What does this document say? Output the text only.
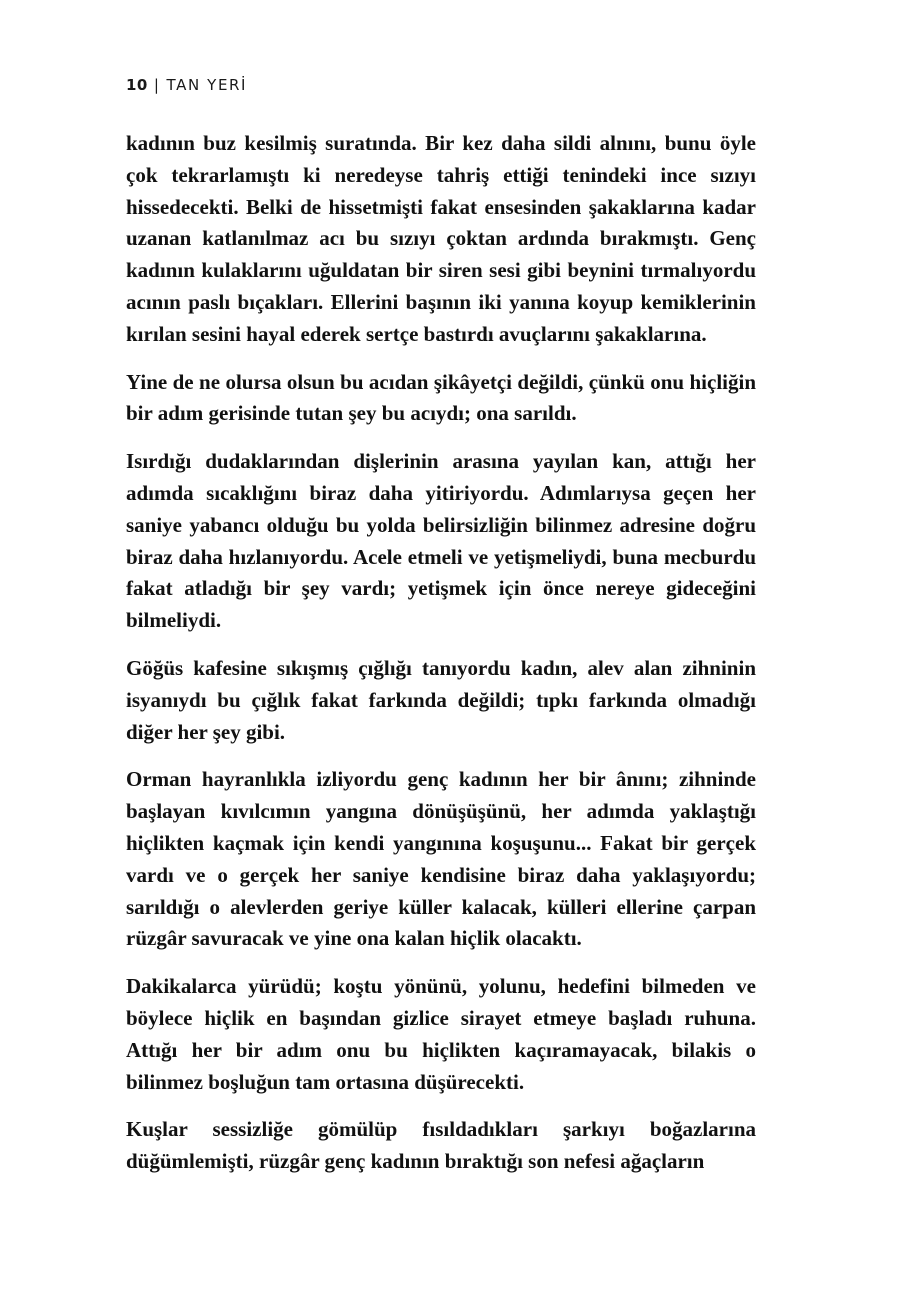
10 | TAN YERİ

kadının buz kesilmiş suratında. Bir kez daha sildi alnını, bunu öyle çok tekrarlamıştı ki neredeyse tahriş ettiği tenindeki ince sızıyı hissedecekti. Belki de hissetmişti fakat ensesinden şakaklarına kadar uzanan katlanılmaz acı bu sızıyı çoktan ardında bırakmıştı. Genç kadının kulaklarını uğuldatan bir siren sesi gibi beynini tırmalıyordu acının paslı bıçakları. Ellerini başının iki yanına koyup kemiklerinin kırılan sesini hayal ederek sertçe bastırdı avuçlarını şakaklarına.

Yine de ne olursa olsun bu acıdan şikâyetçi değildi, çünkü onu hiçliğin bir adım gerisinde tutan şey bu acıydı; ona sarıldı.

Isırdığı dudaklarından dişlerinin arasına yayılan kan, attığı her adımda sıcaklığını biraz daha yitiriyordu. Adımlarıysa geçen her saniye yabancı olduğu bu yolda belirsizliğin bilinmez adresine doğru biraz daha hızlanıyordu. Acele etmeli ve yetişmeliydi, buna mecburdu fakat atladığı bir şey vardı; yetişmek için önce nereye gideceğini bilmeliydi.

Göğüs kafesine sıkışmış çığlığı tanıyordu kadın, alev alan zihninin isyanıydı bu çığlık fakat farkında değildi; tıpkı farkında olmadığı diğer her şey gibi.

Orman hayranlıkla izliyordu genç kadının her bir ânını; zihninde başlayan kıvılcımın yangına dönüşüşünü, her adımda yaklaştığı hiçlikten kaçmak için kendi yangınına koşuşunu... Fakat bir gerçek vardı ve o gerçek her saniye kendisine biraz daha yaklaşıyordu; sarıldığı o alevlerden geriye küller kalacak, külleri ellerine çarpan rüzgâr savuracak ve yine ona kalan hiçlik olacaktı.

Dakikalarca yürüdü; koştu yönünü, yolunu, hedefini bilmeden ve böylece hiçlik en başından gizlice sirayet etmeye başladı ruhuna. Attığı her bir adım onu bu hiçlikten kaçıramayacak, bilakis o bilinmez boşluğun tam ortasına düşürecekti.

Kuşlar sessizliğe gömülüp fısıldadıkları şarkıyı boğazlarına düğümlemişti, rüzgâr genç kadının bıraktığı son nefesi ağaçların
